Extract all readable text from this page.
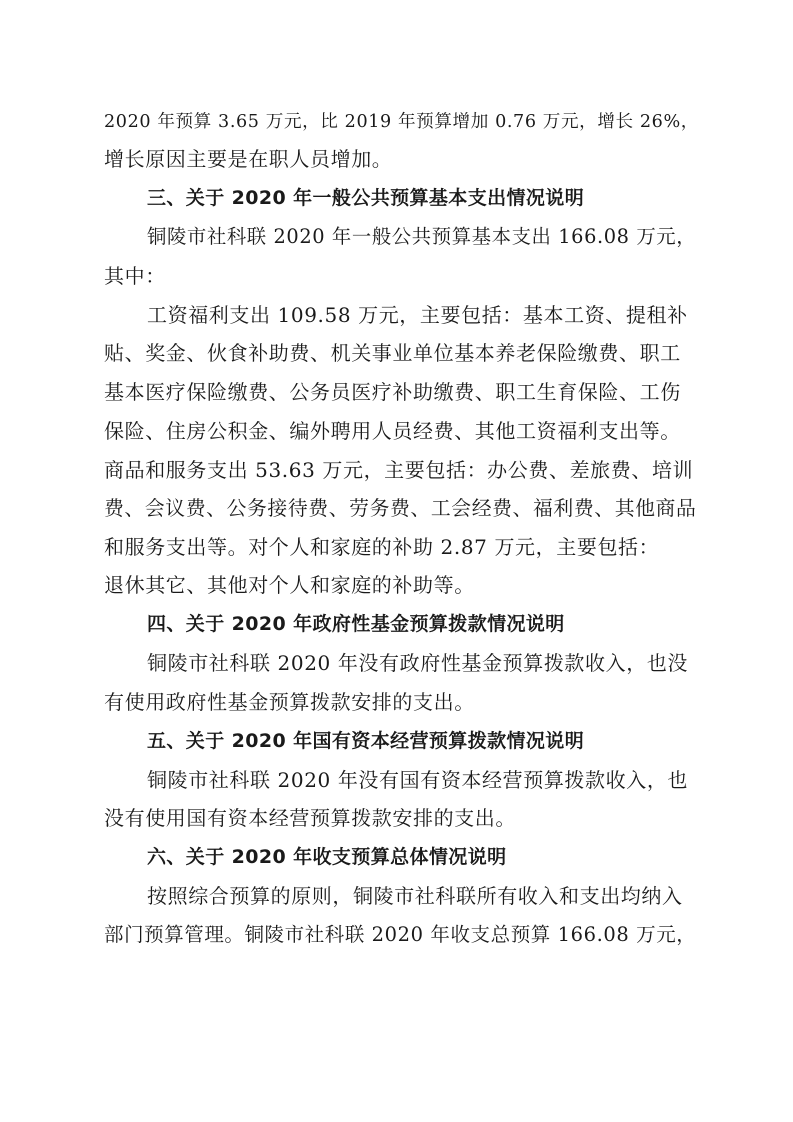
2020 年预算 3.65 万元，比 2019 年预算增加 0.76 万元，增长 26%，
增长原因主要是在职人员增加。
三、关于 2020 年一般公共预算基本支出情况说明
铜陵市社科联 2020 年一般公共预算基本支出 166.08 万元，
其中：
工资福利支出 109.58 万元，主要包括：基本工资、提租补
贴、奖金、伙食补助费、机关事业单位基本养老保险缴费、职工
基本医疗保险缴费、公务员医疗补助缴费、职工生育保险、工伤
保险、住房公积金、编外聘用人员经费、其他工资福利支出等。
商品和服务支出 53.63 万元，主要包括：办公费、差旅费、培训
费、会议费、公务接待费、劳务费、工会经费、福利费、其他商品
和服务支出等。对个人和家庭的补助 2.87 万元，主要包括：
退休其它、其他对个人和家庭的补助等。
四、关于 2020 年政府性基金预算拨款情况说明
铜陵市社科联 2020 年没有政府性基金预算拨款收入，也没
有使用政府性基金预算拨款安排的支出。
五、关于 2020 年国有资本经营预算拨款情况说明
铜陵市社科联 2020 年没有国有资本经营预算拨款收入，也
没有使用国有资本经营预算拨款安排的支出。
六、关于 2020 年收支预算总体情况说明
按照综合预算的原则，铜陵市社科联所有收入和支出均纳入
部门预算管理。铜陵市社科联 2020 年收支总预算 166.08 万元，
